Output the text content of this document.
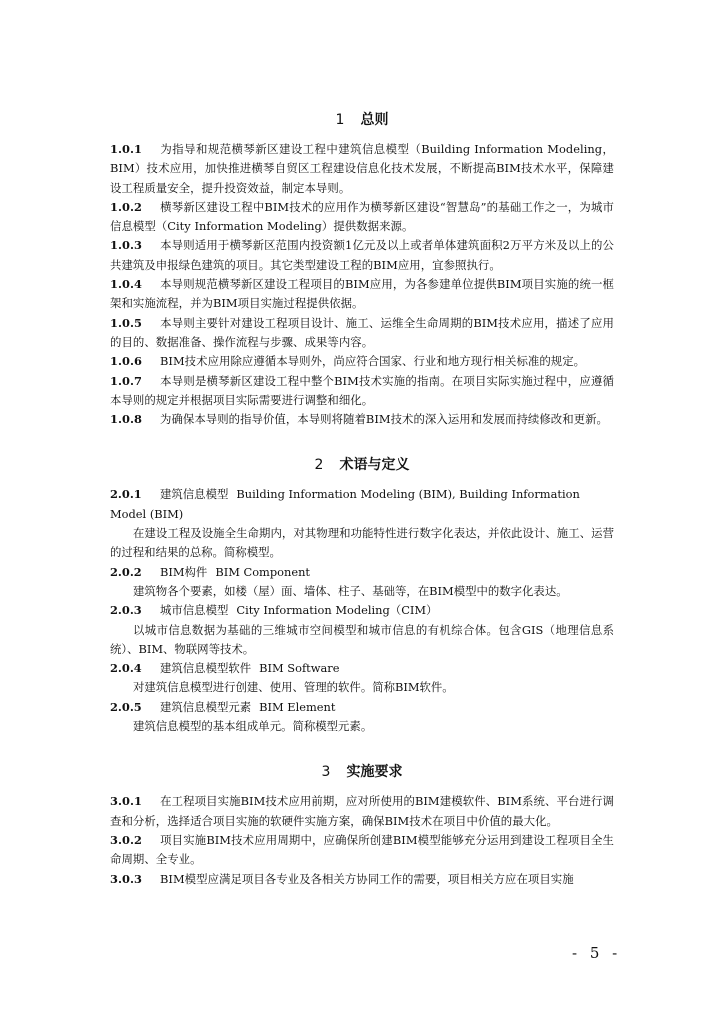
1 总则

1.0.1 为指导和规范横琴新区建设工程中建筑信息模型（Building Information Modeling，BIM）技术应用，加快推进横琴自贸区工程建设信息化技术发展，不断提高BIM技术水平，保障建设工程质量安全，提升投资效益，制定本导则。

1.0.2 横琴新区建设工程中BIM技术的应用作为横琴新区建设“智慧岛”的基础工作之一，为城市信息模型（City Information Modeling）提供数据来源。

1.0.3 本导则适用于横琴新区范围内投资额1亿元及以上或者单体建筑面积2万平方米及以上的公共建筑及申报绿色建筑的项目。其它类型建设工程的BIM应用，宜参照执行。

1.0.4 本导则规范横琴新区建设工程项目的BIM应用，为各参建单位提供BIM项目实施的统一框架和实施流程，并为BIM项目实施过程提供依据。

1.0.5 本导则主要针对建设工程项目设计、施工、运维全生命周期的BIM技术应用，描述了应用的目的、数据准备、操作流程与步骤、成果等内容。

1.0.6 BIM技术应用除应遵循本导则外，尚应符合国家、行业和地方现行相关标准的规定。

1.0.7 本导则是横琴新区建设工程中整个BIM技术实施的指南。在项目实际实施过程中，应遵循本导则的规定并根据项目实际需要进行调整和细化。

1.0.8 为确保本导则的指导价值，本导则将随着BIM技术的深入运用和发展而持续修改和更新。

2 术语与定义

2.0.1 建筑信息模型 Building Information Modeling (BIM), Building Information Model (BIM)

在建设工程及设施全生命期内，对其物理和功能特性进行数字化表达，并依此设计、施工、运营的过程和结果的总称。简称模型。

2.0.2 BIM构件 BIM Component

建筑物各个要素，如楼（屋）面、墙体、柱子、基础等，在BIM模型中的数字化表达。

2.0.3 城市信息模型 City Information Modeling（CIM）

以城市信息数据为基础的三维城市空间模型和城市信息的有机综合体。包含GIS（地理信息系统）、BIM、物联网等技术。

2.0.4 建筑信息模型软件 BIM Software

对建筑信息模型进行创建、使用、管理的软件。简称BIM软件。

2.0.5 建筑信息模型元素 BIM Element

建筑信息模型的基本组成单元。简称模型元素。

3 实施要求

3.0.1 在工程项目实施BIM技术应用前期，应对所使用的BIM建模软件、BIM系统、平台进行调查和分析，选择适合项目实施的软硬件实施方案，确保BIM技术在项目中价值的最大化。

3.0.2 项目实施BIM技术应用周期中，应确保所创建BIM模型能够充分运用到建设工程项目全生命周期、全专业。

3.0.3 BIM模型应满足项目各专业及各相关方协同工作的需要，项目相关方应在项目实施

- 5 -
